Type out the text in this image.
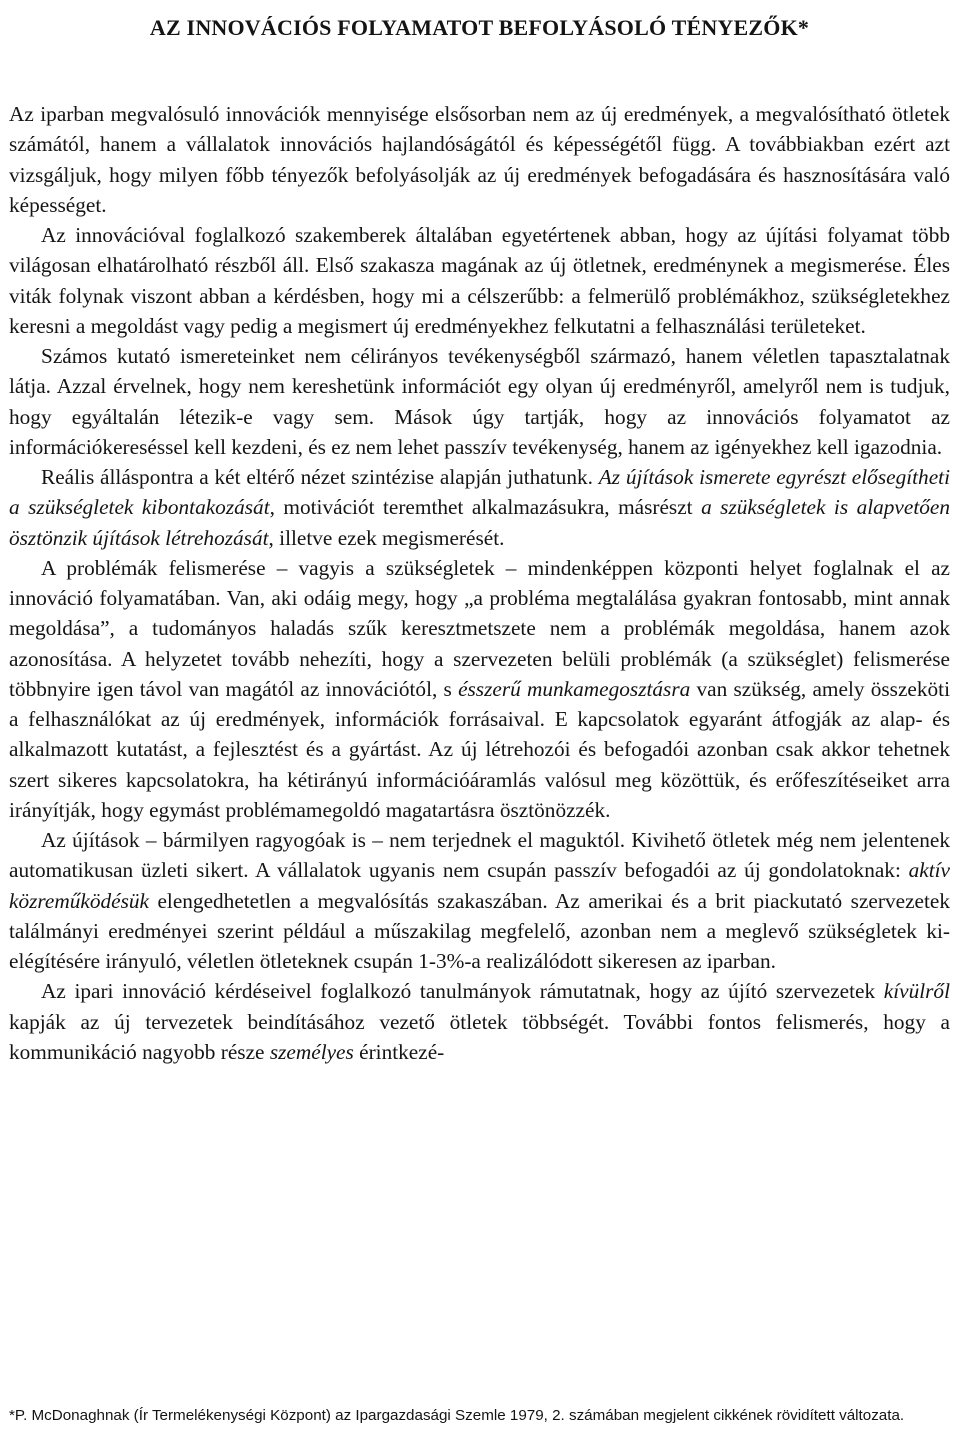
AZ INNOVÁCIÓS FOLYAMATOT BEFOLYÁSOLÓ TÉNYEZŐK*

Az iparban megvalósuló innovációk mennyisége elsősorban nem az új eredmények, a megvalósítható ötletek számától, hanem a vállalatok innovációs hajlandóságától és képességétől függ. A továbbiakban ezért azt vizsgáljuk, hogy milyen főbb tényezők befolyásolják az új eredmények befogadására és hasznosítására való képességet.

Az innovációval foglalkozó szakemberek általában egyetértenek abban, hogy az újítási folyamat több világosan elhatárolható részből áll. Első szakasza magának az új ötletnek, eredménynek a megismerése. Éles viták folynak viszont abban a kérdésben, hogy mi a célszerűbb: a felmerülő problémákhoz, szükségletekhez keresni a megoldást vagy pedig a megismert új eredményekhez felkutatni a felhasználási területeket.

Számos kutató ismereteinket nem célirányos tevékenységből származó, hanem véletlen tapasztalatnak látja. Azzal érvelnek, hogy nem kereshetünk információt egy olyan új eredményről, amelyről nem is tudjuk, hogy egyáltalán létezik-e vagy sem. Mások úgy tartják, hogy az innovációs folyamatot az információkereséssel kell kezdeni, és ez nem lehet passzív tevékenység, hanem az igényekhez kell igazodnia.

Reális álláspontra a két eltérő nézet szintézise alapján juthatunk. Az újítások ismerete egyrészt elősegítheti a szükségletek kibontakozását, motivációt teremthet alkalmazásukra, másrészt a szükségletek is alapvetően ösztönzik újítások létrehozását, illetve ezek megismerését.

A problémák felismerése – vagyis a szükségletek – mindenképpen központi helyet foglalnak el az innováció folyamatában. Van, aki odáig megy, hogy „a probléma megtalálása gyakran fontosabb, mint annak megoldása”, a tudományos haladás szűk keresztmetszete nem a problémák megoldása, hanem azok azonosítása. A helyzetet tovább nehezíti, hogy a szervezeten belüli problémák (a szükséglet) felismerése többnyire igen távol van magától az innovációtól, s ésszerű munkamegosztásra van szükség, amely összeköti a felhasználókat az új eredmények, információk forrásaival. E kapcsolatok egyaránt átfogják az alap- és alkalmazott kutatást, a fejlesztést és a gyártást. Az új létrehozói és befogadói azonban csak akkor tehetnek szert sikeres kapcsolatokra, ha kétirányú információáramlás valósul meg közöttük, és erőfeszítéseiket arra irányítják, hogy egymást problémamegoldó magatartásra ösztönözzék.

Az újítások – bármilyen ragyogóak is – nem terjednek el maguktól. Kivihető ötletek még nem jelentenek automatikusan üzleti sikert. A vállalatok ugyanis nem csupán passzív befogadói az új gondolatoknak: aktív közreműködésük elengedhetetlen a megvalósítás szakaszában. Az amerikai és a brit piackutató szervezetek találmányi eredményei szerint például a műszakilag megfelelő, azonban nem a meglevő szükségletek kielégítésére irányuló, véletlen ötleteknek csupán 1-3%-a realizálódott sikeresen az iparban.

Az ipari innováció kérdéseivel foglalkozó tanulmányok rámutatnak, hogy az újító szervezetek kívülről kapják az új tervezetek beindításához vezető ötletek többségét. További fontos felismerés, hogy a kommunikáció nagyobb része személyes érintkezé-

*P. McDonaghnak (Ír Termelékenységi Központ) az Ipargazdasági Szemle 1979, 2. számában megjelent cikkének rövidített változata.
